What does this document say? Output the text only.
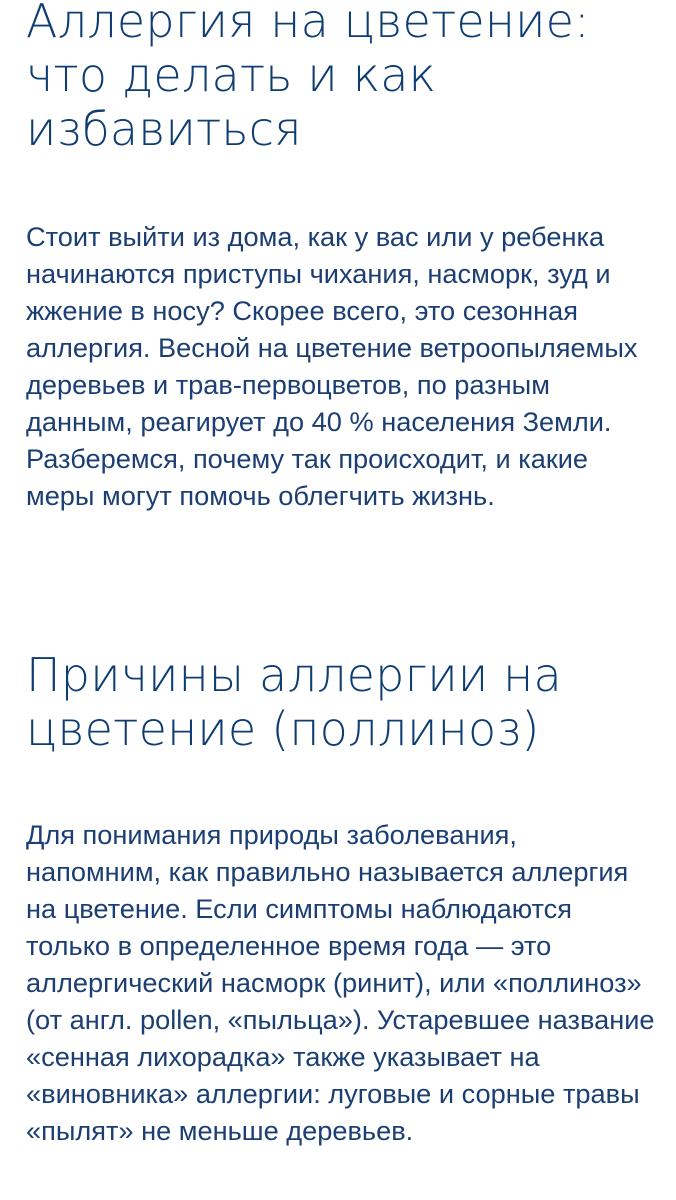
Аллергия на цветение: что делать и как избавиться

Стоит выйти из дома, как у вас или у ребенка начинаются приступы чихания, насморк, зуд и жжение в носу? Скорее всего, это сезонная аллергия. Весной на цветение ветроопыляемых деревьев и трав-первоцветов, по разным данным, реагирует до 40 % населения Земли. Разберемся, почему так происходит, и какие меры могут помочь облегчить жизнь.

Причины аллергии на цветение (поллиноз)

Для понимания природы заболевания, напомним, как правильно называется аллергия на цветение. Если симптомы наблюдаются только в определенное время года — это аллергический насморк (ринит), или «поллиноз» (от англ. pollen, «пыльца»). Устаревшее название «сенная лихорадка» также указывает на «виновника» аллергии: луговые и сорные травы «пылят» не меньше деревьев.
